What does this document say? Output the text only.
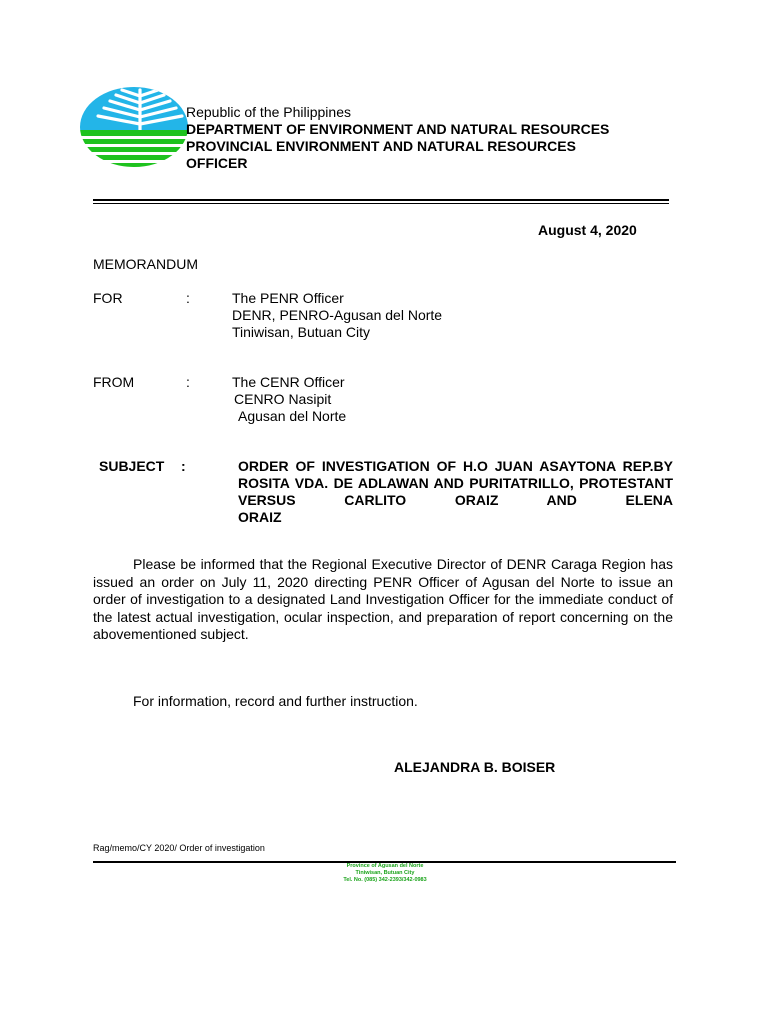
Republic of the Philippines
DEPARTMENT OF ENVIRONMENT AND NATURAL RESOURCES
PROVINCIAL ENVIRONMENT AND NATURAL RESOURCES
OFFICER
August 4, 2020
MEMORANDUM
FOR	:	The PENR Officer
DENR, PENRO-Agusan del Norte
Tiniwisan, Butuan City
FROM	:	The CENR Officer
CENRO Nasipit
Agusan del Norte
SUBJECT :	ORDER OF INVESTIGATION OF H.O JUAN ASAYTONA REP.BY ROSITA VDA. DE ADLAWAN AND PURITATRILLO, PROTESTANT VERSUS CARLITO ORAIZ AND ELENA
ORAIZ
Please be informed that the Regional Executive Director of DENR Caraga Region has issued an order on July 11, 2020 directing PENR Officer of Agusan del Norte to issue an order of investigation to a designated Land Investigation Officer for the immediate conduct of the latest actual investigation, ocular inspection, and preparation of report concerning on the abovementioned subject.
For information, record and further instruction.
ALEJANDRA B. BOISER
Rag/memo/CY 2020/ Order of investigation
Province of Agusan del Norte
Tiniwisan, Butuan City
Tel. No. (085) 342-2393/342-0983
